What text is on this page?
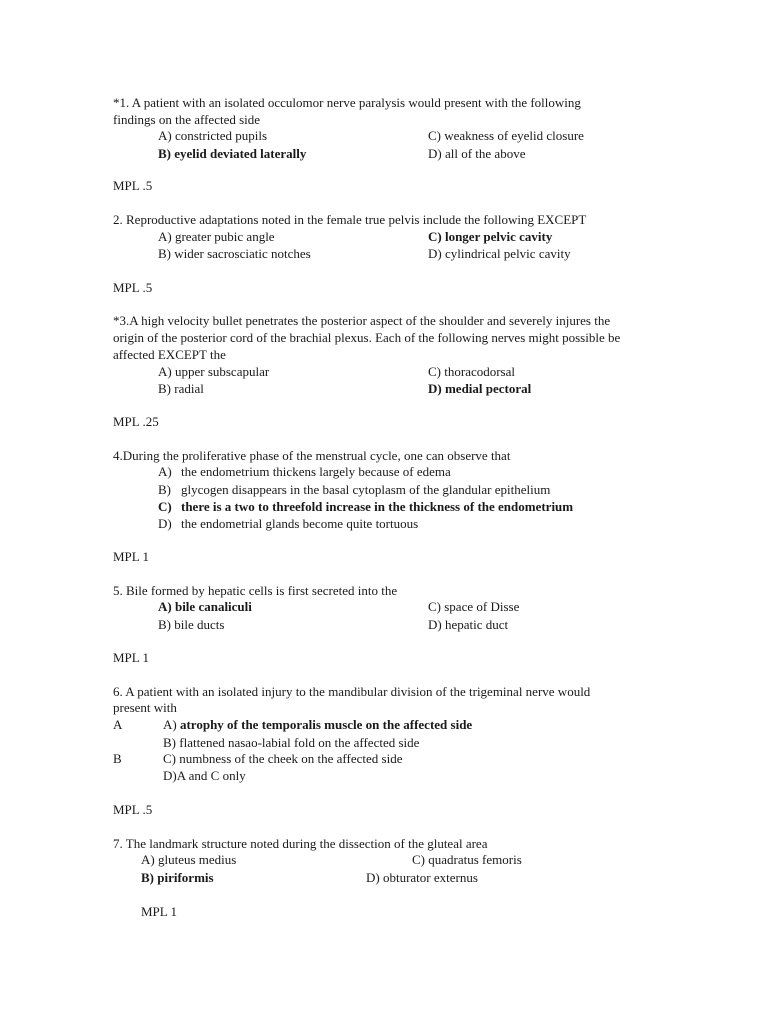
*1. A patient with an isolated occulomor nerve paralysis would present with the following
findings on the affected side
A) constricted pupils	C) weakness of eyelid closure
B) eyelid deviated laterally	D) all of the above
MPL .5
2. Reproductive adaptations noted in the female true pelvis include the following EXCEPT
A) greater pubic angle	C) longer pelvic cavity
B) wider sacrosciatic notches	D) cylindrical pelvic cavity
MPL .5
*3.A high velocity bullet penetrates the posterior aspect of the shoulder and severely injures the
origin of the posterior cord of the brachial plexus. Each of the following nerves might possible be
affected EXCEPT the
A) upper subscapular	C) thoracodorsal
B) radial	D) medial pectoral
MPL .25
4.During the proliferative phase of the menstrual cycle, one can observe that
A) the endometrium thickens largely because of edema
B) glycogen disappears in the basal cytoplasm of the glandular epithelium
C) there is a two to threefold increase in the thickness of the endometrium
D) the endometrial glands become quite tortuous
MPL 1
5. Bile formed by hepatic cells is first secreted into the
A) bile canaliculi	C) space of Disse
B) bile ducts	D) hepatic duct
MPL 1
6. A patient with an isolated injury to the mandibular division of the trigeminal nerve would
present with
A	A) atrophy of the temporalis muscle on the affected side
B) flattened nasao-labial fold on the affected side
B	C) numbness of the cheek on the affected side
D)A and C only
MPL .5
7. The landmark structure noted during the dissection of the gluteal area
A) gluteus medius	C) quadratus femoris
B) piriformis	D) obturator externus
MPL 1
